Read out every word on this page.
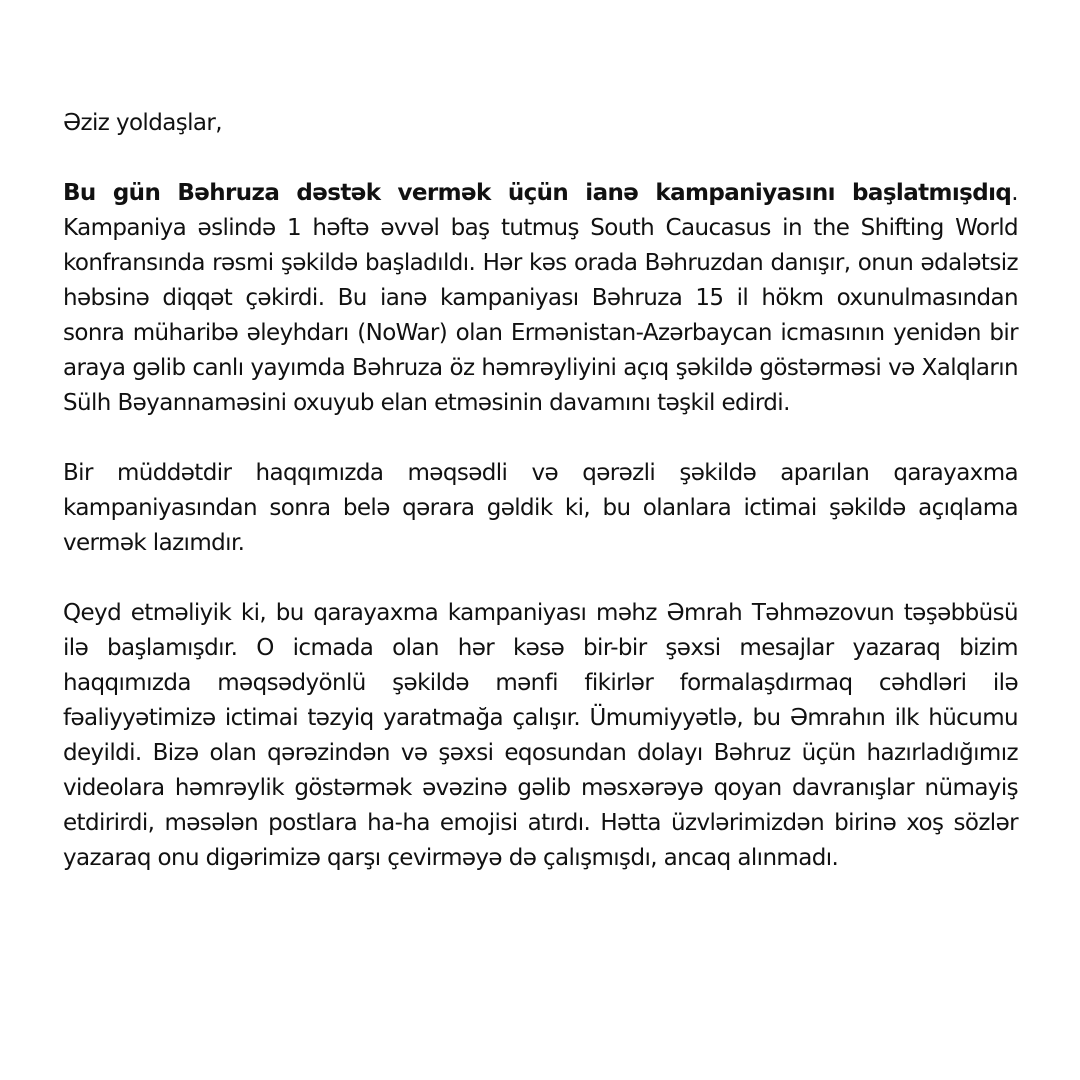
Əziz yoldaşlar,

Bu gün Bəhruza dəstək vermək üçün ianə kampaniyasını başlatmışdıq. Kampaniya əslində 1 həftə əvvəl baş tutmuş South Caucasus in the Shifting World konfransında rəsmi şəkildə başladıldı. Hər kəs orada Bəhruzdan danışır, onun ədalətsiz həbsinə diqqət çəkirdi. Bu ianə kampaniyası Bəhruza 15 il hökm oxunulmasından sonra müharibə əleyhdarı (NoWar) olan Ermənistan-Azərbaycan icmasının yenidən bir araya gəlib canlı yayımda Bəhruza öz həmrəyliyini açıq şəkildə göstərməsi və Xalqların Sülh Bəyannaməsini oxuyub elan etməsinin davamını təşkil edirdi.

Bir müddətdir haqqımızda məqsədli və qərəzli şəkildə aparılan qarayaxma kampaniyasından sonra belə qərara gəldik ki, bu olanlara ictimai şəkildə açıqlama vermək lazımdır.

Qeyd etməliyik ki, bu qarayaxma kampaniyası məhz Əmrah Təhməzovun təşəbbüsü ilə başlamışdır. O icmada olan hər kəsə bir-bir şəxsi mesajlar yazaraq bizim haqqımızda məqsədyönlü şəkildə mənfi fikirlər formalaşdırmaq cəhdləri ilə fəaliyyətimizə ictimai təzyiq yaratmağa çalışır. Ümumiyyətlə, bu Əmrahın ilk hücumu deyildi. Bizə olan qərəzindən və şəxsi eqosundan dolayı Bəhruz üçün hazırladığımız videolara həmrəylik göstərmək əvəzinə gəlib məsxərəyə qoyan davranışlar nümayiş etdirirdi, məsələn postlara ha-ha emojisi atırdı. Hətta üzvlərimizdən birinə xoş sözlər yazaraq onu digərimizə qarşı çevirməyə də çalışmışdı, ancaq alınmadı.
